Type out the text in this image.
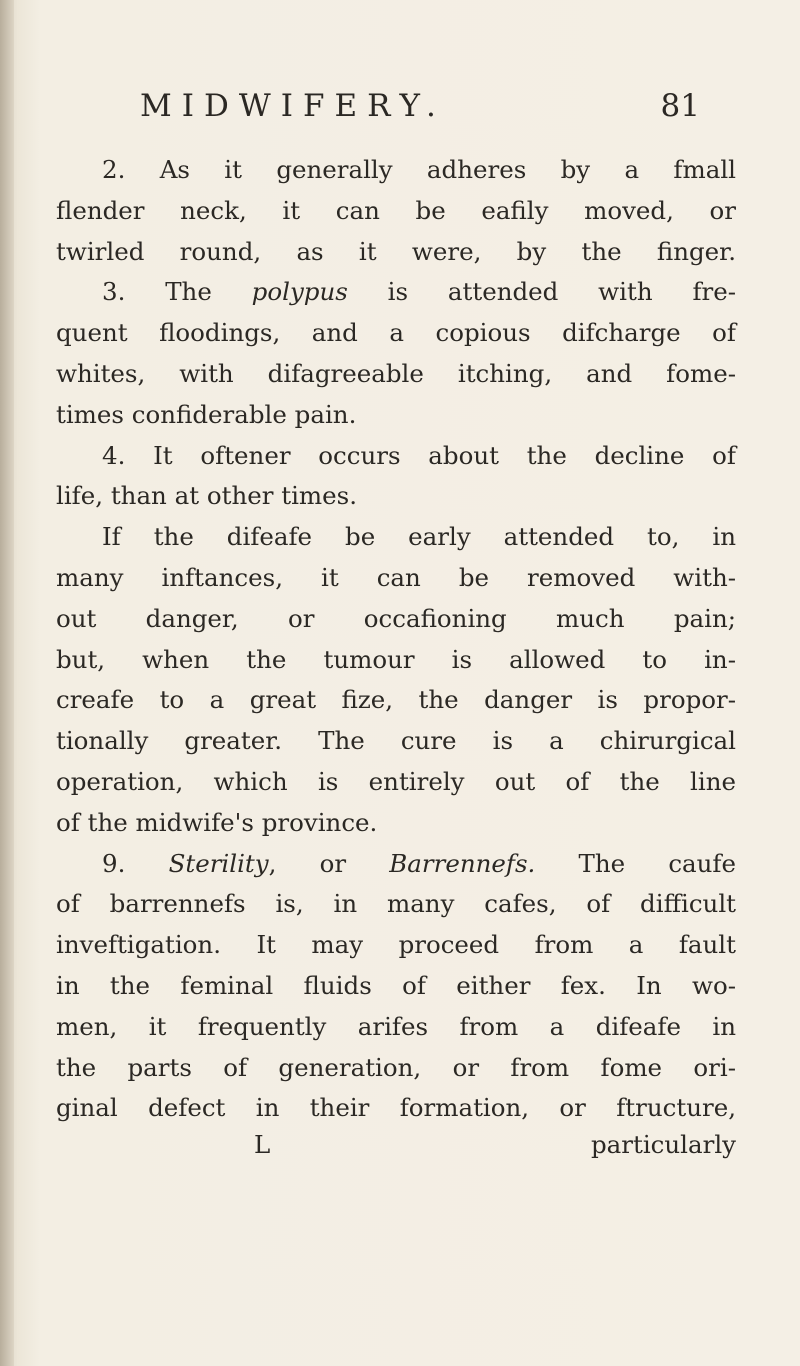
MIDWIFERY.	81
2. As it generally adheres by a fmall
flender neck, it can be eafily moved, or
twirled round, as it were, by the finger.
3. The polypus is attended with fre-
quent floodings, and a copious difcharge of
whites, with difagreeable itching, and fome-
times confiderable pain.
4. It oftener occurs about the decline of
life, than at other times.
If the difeafe be early attended to, in
many inftances, it can be removed with-
out danger, or occafioning much pain;
but, when the tumour is allowed to in-
creafe to a great fize, the danger is propor-
tionally greater. The cure is a chirurgical
operation, which is entirely out of the line
of the midwife's province.
9. Sterility, or Barrennefs. The caufe
of barrennefs is, in many cafes, of difficult
inveftigation. It may proceed from a fault
in the feminal fluids of either fex. In wo-
men, it frequently arifes from a difeafe in
the parts of generation, or from fome ori-
ginal defect in their formation, or ftructure,
L	particularly
